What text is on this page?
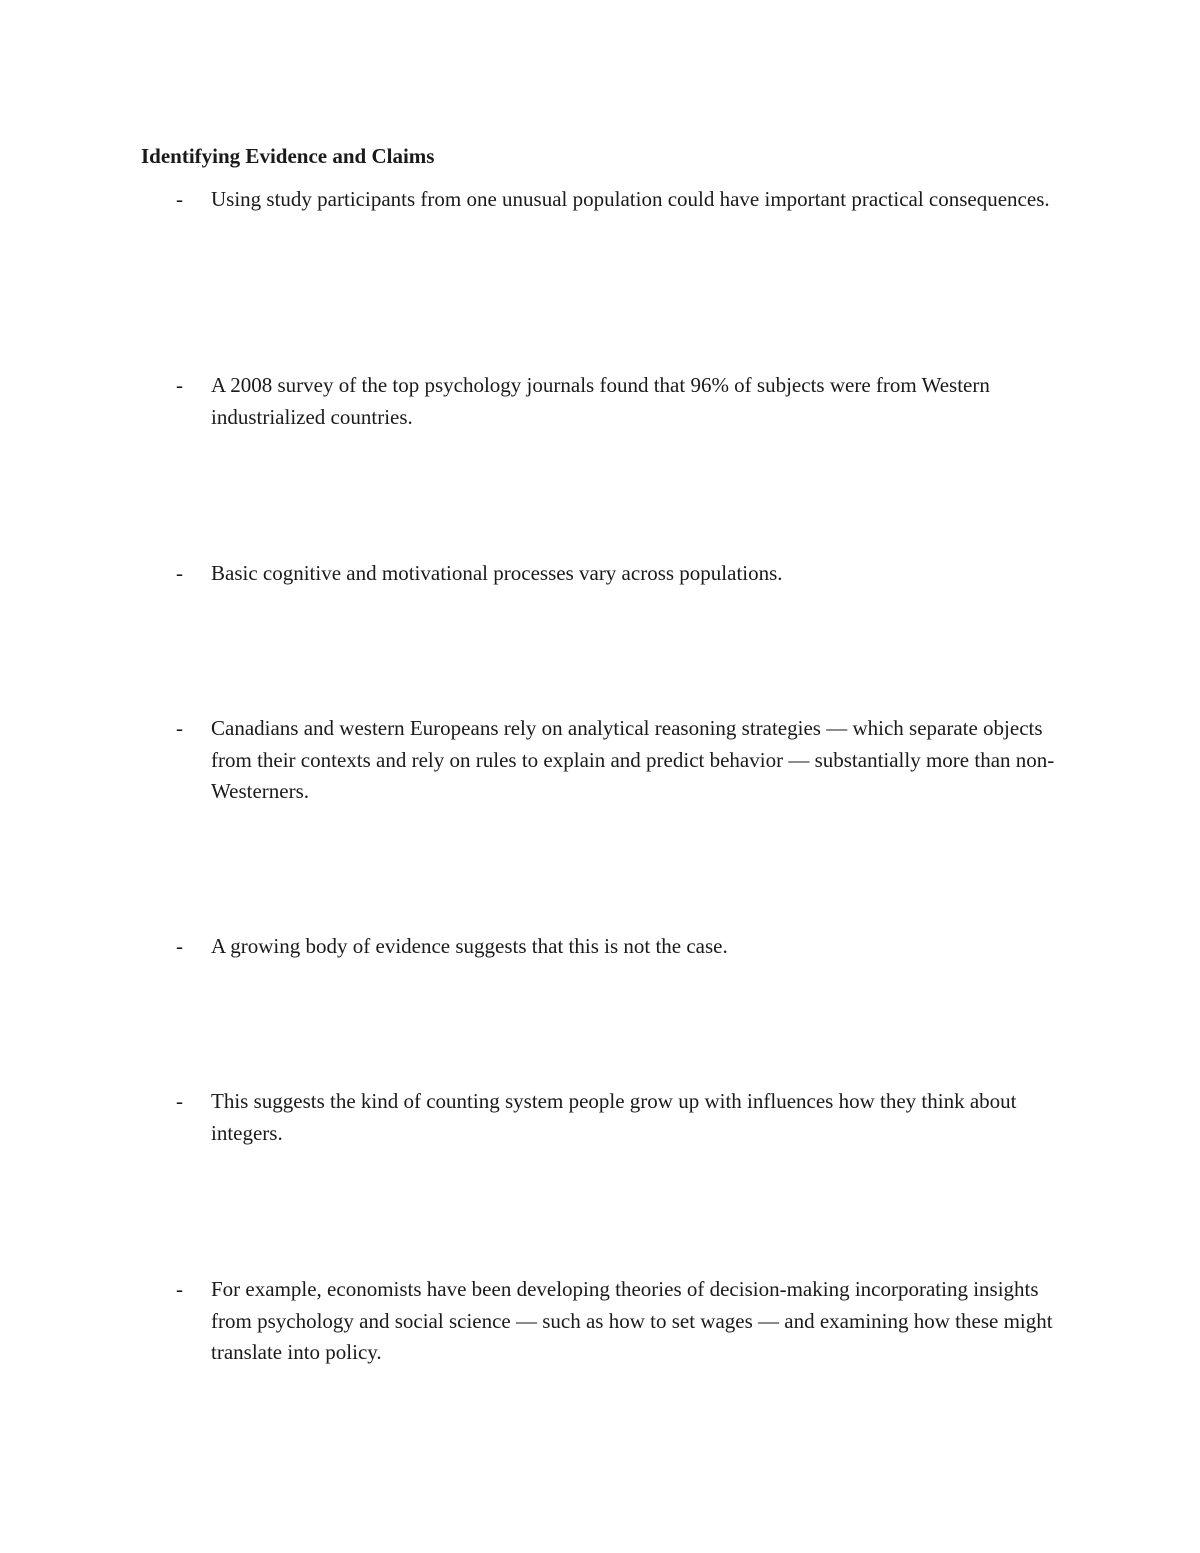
Identifying Evidence and Claims
-	Using study participants from one unusual population could have important practical consequences.
-	A 2008 survey of the top psychology journals found that 96% of subjects were from Western industrialized countries.
-	Basic cognitive and motivational processes vary across populations.
-	Canadians and western Europeans rely on analytical reasoning strategies — which separate objects from their contexts and rely on rules to explain and predict behavior — substantially more than non-Westerners.
-	A growing body of evidence suggests that this is not the case.
-	This suggests the kind of counting system people grow up with influences how they think about integers.
-	For example, economists have been developing theories of decision-making incorporating insights from psychology and social science — such as how to set wages — and examining how these might translate into policy.
